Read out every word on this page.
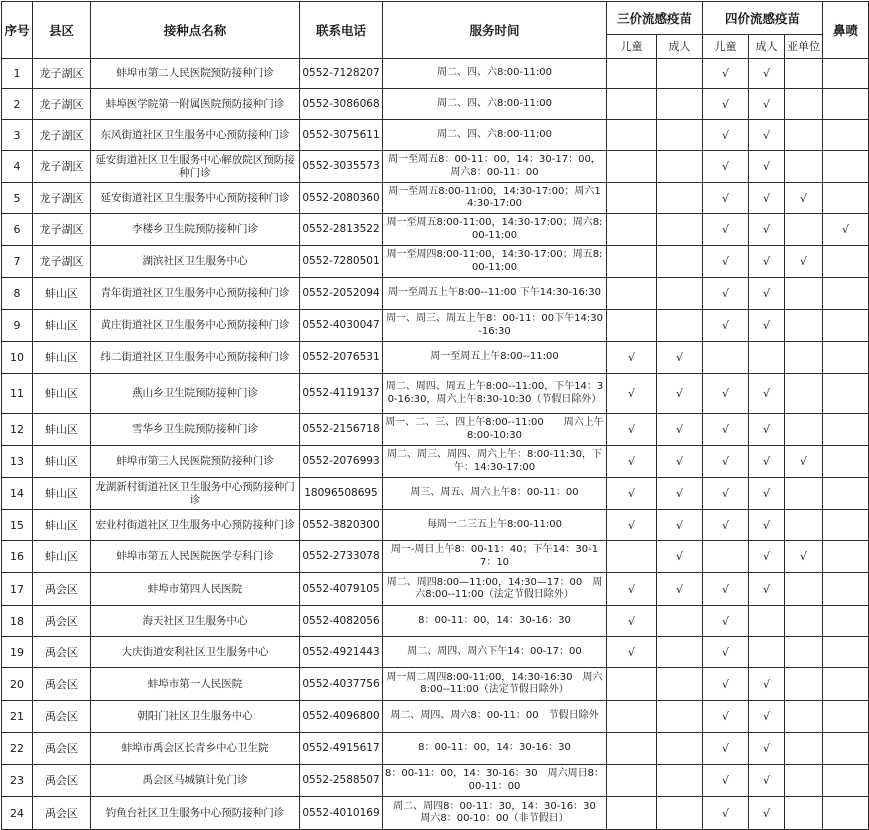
序号	县区	接种点名称	联系电话	服务时间	三价流感疫苗		四价流感疫苗			鼻喷
					儿童	成人	儿童	成人	亚单位	
1	龙子湖区	蚌埠市第二人民医院预防接种门诊	0552-7128207	周二、四、六8:00-11:00			√	√		
2	龙子湖区	蚌埠医学院第一附属医院预防接种门诊	0552-3086068	周二、四、六8:00-11:00			√	√		
3	龙子湖区	东风街道社区卫生服务中心预防接种门诊	0552-3075611	周二、四、六8:00-11:00			√	√		
4	龙子湖区	延安街道社区卫生服务中心解放院区预防接种门诊	0552-3035573	周一至周五8：00-11：00，14：30-17：00，周六8：00-11：00			√	√		
5	龙子湖区	延安街道社区卫生服务中心预防接种门诊	0552-2080360	周一至周五8:00-11:00，14:30-17:00；周六14:30-17:00			√	√	√	
6	龙子湖区	李楼乡卫生院预防接种门诊	0552-2813522	周一至周五8:00-11:00，14:30-17:00；周六8:00-11:00			√	√		√
7	龙子湖区	湖滨社区卫生服务中心	0552-7280501	周一至周四8:00-11:00，14:30-17:00；周五8:00-11:00			√	√	√	
8	蚌山区	青年街道社区卫生服务中心预防接种门诊	0552-2052094	周一至周五上午8:00--11:00 下午14:30-16:30			√	√		
9	蚌山区	黄庄街道社区卫生服务中心预防接种门诊	0552-4030047	周一、周三、周五上午8：00-11：00下午14:30-16:30			√	√		
10	蚌山区	纬二街道社区卫生服务中心预防接种门诊	0552-2076531	周一至周五上午8:00--11:00	√	√				
11	蚌山区	燕山乡卫生院预防接种门诊	0552-4119137	周二、周四、周五上午8:00--11:00，下午14：30-16:30，周六上午8:30-10:30（节假日除外）	√	√	√	√		
12	蚌山区	雪华乡卫生院预防接种门诊	0552-2156718	周一、二、三、四上午8:00--11:00　　周六上午8:00-10:30	√	√	√	√		
13	蚌山区	蚌埠市第三人民医院预防接种门诊	0552-2076993	周二、周三、周四、周六上午：8:00-11:30，下午：14:30-17:00	√	√	√	√	√	
14	蚌山区	龙湖新村街道社区卫生服务中心预防接种门诊	18096508695	周三、周五、周六上午8：00-11：00	√	√	√	√		
15	蚌山区	宏业村街道社区卫生服务中心预防接种门诊	0552-3820300	每周一二三五上午8:00-11:00	√	√	√	√		
16	蚌山区	蚌埠市第五人民医院医学专科门诊	0552-2733078	周一-周日上午8：00-11：40；下午14：30-17：10		√		√	√	
17	禹会区	蚌埠市第四人民医院	0552-4079105	周二、周四8:00—11:00，14:30—17：00　周六8:00--11:00（法定节假日除外）	√	√	√	√		
18	禹会区	海天社区卫生服务中心	0552-4082056	8：00-11：00，14：30-16：30	√		√			
19	禹会区	大庆街道安利社区卫生服务中心	0552-4921443	周二、周四、周六下午14：00-17：00	√		√			
20	禹会区	蚌埠市第一人民医院	0552-4037756	周一周二周四8:00-11:00，14:30-16:30　周六8:00--11:00（法定节假日除外）			√	√		
21	禹会区	朝阳门社区卫生服务中心	0552-4096800	周二、周四、周六8：00-11：00　节假日除外			√	√		
22	禹会区	蚌埠市禹会区长青乡中心卫生院	0552-4915617	8：00-11：00，14：30-16：30			√	√		
23	禹会区	禹会区马城镇计免门诊	0552-2588507	8：00-11：00，14：30-16：30　周六周日8：00-11：00			√	√		
24	禹会区	钓鱼台社区卫生服务中心预防接种门诊	0552-4010169	周二、周四8：00-11：30，14：30-16：30　周六8：00-10：00（非节假日）			√	√		
